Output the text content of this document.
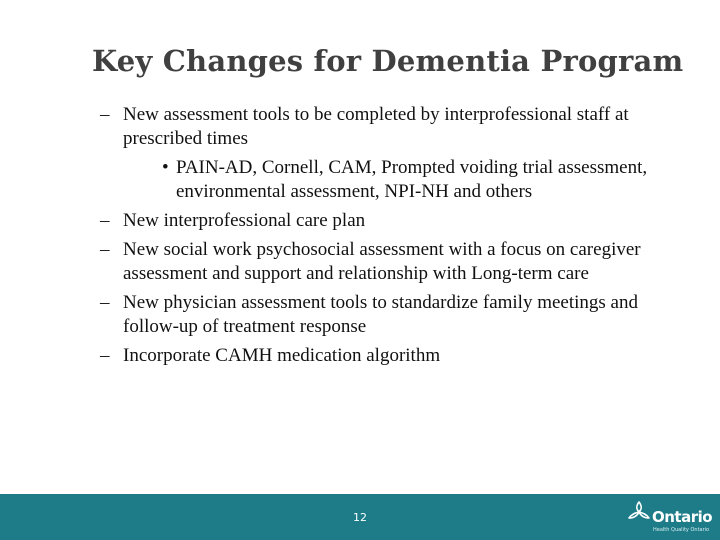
Key Changes for Dementia Program
– New assessment tools to be completed by interprofessional staff at prescribed times
• PAIN-AD, Cornell, CAM, Prompted voiding trial assessment, environmental assessment, NPI-NH and others
– New interprofessional care plan
– New social work psychosocial assessment with a focus on caregiver assessment and support and relationship with Long-term care
– New physician assessment tools to standardize family meetings and follow-up of treatment response
– Incorporate CAMH medication algorithm
12	Ontario
Health Quality Ontario
